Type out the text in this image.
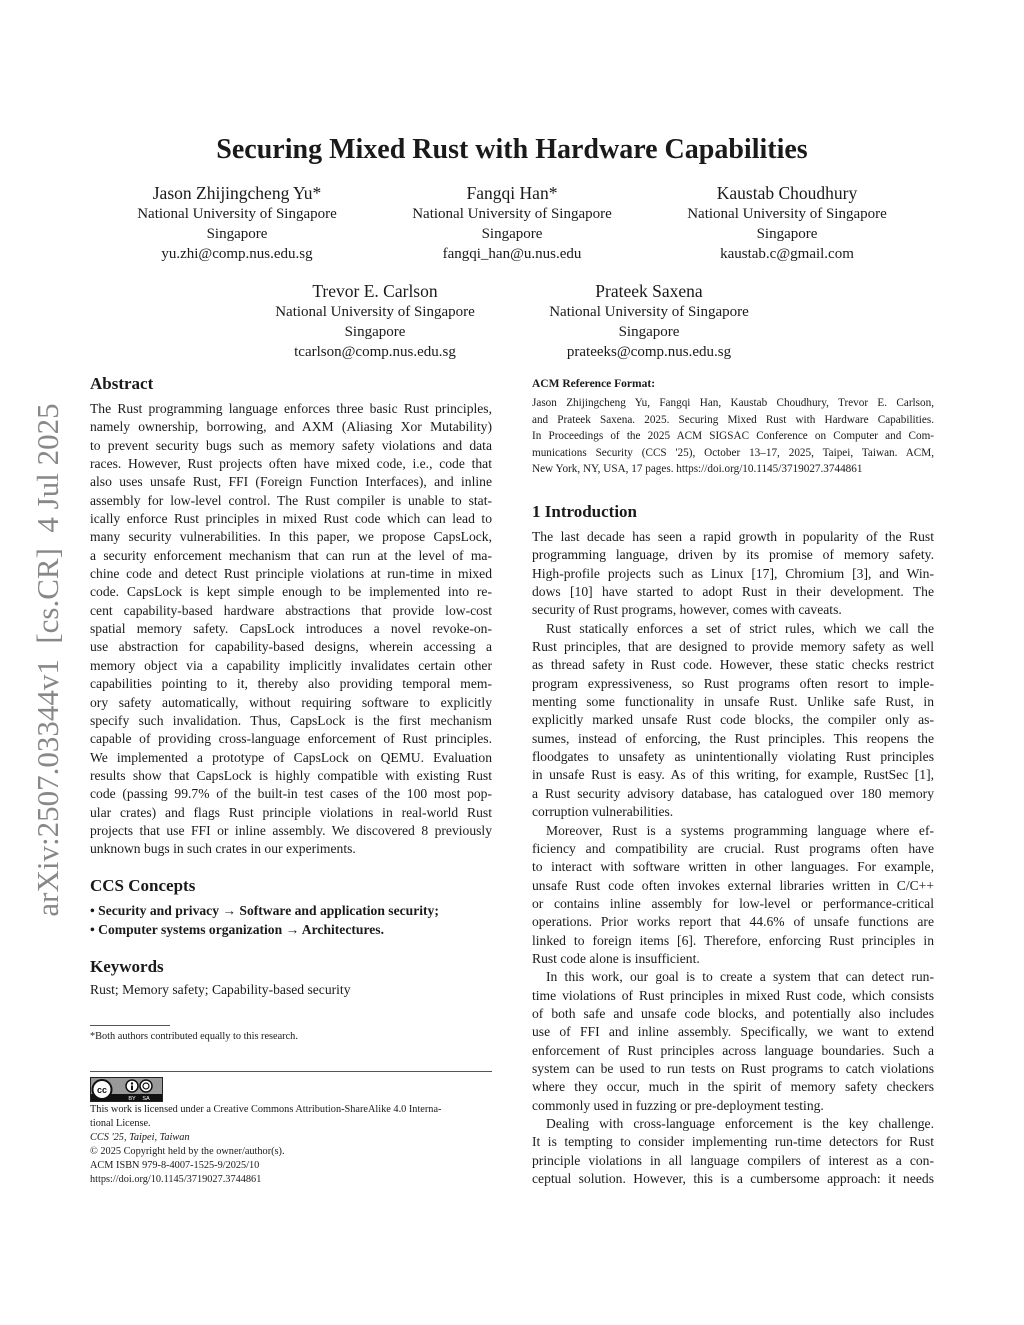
arXiv:2507.03344v1  [cs.CR]  4 Jul 2025
Securing Mixed Rust with Hardware Capabilities
Jason Zhijingcheng Yu*
National University of Singapore
Singapore
yu.zhi@comp.nus.edu.sg
Fangqi Han*
National University of Singapore
Singapore
fangqi_han@u.nus.edu
Kaustab Choudhury
National University of Singapore
Singapore
kaustab.c@gmail.com
Trevor E. Carlson
National University of Singapore
Singapore
tcarlson@comp.nus.edu.sg
Prateek Saxena
National University of Singapore
Singapore
prateeks@comp.nus.edu.sg
Abstract
The Rust programming language enforces three basic Rust principles,
namely ownership, borrowing, and AXM (Aliasing Xor Mutability)
to prevent security bugs such as memory safety violations and data
races. However, Rust projects often have mixed code, i.e., code that
also uses unsafe Rust, FFI (Foreign Function Interfaces), and inline
assembly for low-level control. The Rust compiler is unable to stat-
ically enforce Rust principles in mixed Rust code which can lead to
many security vulnerabilities. In this paper, we propose CapsLock,
a security enforcement mechanism that can run at the level of ma-
chine code and detect Rust principle violations at run-time in mixed
code. CapsLock is kept simple enough to be implemented into re-
cent capability-based hardware abstractions that provide low-cost
spatial memory safety. CapsLock introduces a novel revoke-on-
use abstraction for capability-based designs, wherein accessing a
memory object via a capability implicitly invalidates certain other
capabilities pointing to it, thereby also providing temporal mem-
ory safety automatically, without requiring software to explicitly
specify such invalidation. Thus, CapsLock is the first mechanism
capable of providing cross-language enforcement of Rust principles.
We implemented a prototype of CapsLock on QEMU. Evaluation
results show that CapsLock is highly compatible with existing Rust
code (passing 99.7% of the built-in test cases of the 100 most pop-
ular crates) and flags Rust principle violations in real-world Rust
projects that use FFI or inline assembly. We discovered 8 previously
unknown bugs in such crates in our experiments.
CCS Concepts
• Security and privacy → Software and application security;
• Computer systems organization → Architectures.
Keywords
Rust; Memory safety; Capability-based security
*Both authors contributed equally to this research.
cc
BY SA
This work is licensed under a Creative Commons Attribution-ShareAlike 4.0 Interna-
tional License.
CCS '25, Taipei, Taiwan
© 2025 Copyright held by the owner/author(s).
ACM ISBN 979-8-4007-1525-9/2025/10
https://doi.org/10.1145/3719027.3744861
ACM Reference Format:
Jason Zhijingcheng Yu, Fangqi Han, Kaustab Choudhury, Trevor E. Carlson,
and Prateek Saxena. 2025. Securing Mixed Rust with Hardware Capabilities.
In Proceedings of the 2025 ACM SIGSAC Conference on Computer and Com-
munications Security (CCS '25), October 13–17, 2025, Taipei, Taiwan. ACM,
New York, NY, USA, 17 pages. https://doi.org/10.1145/3719027.3744861
1 Introduction
The last decade has seen a rapid growth in popularity of the Rust
programming language, driven by its promise of memory safety.
High-profile projects such as Linux [17], Chromium [3], and Win-
dows [10] have started to adopt Rust in their development. The
security of Rust programs, however, comes with caveats.
Rust statically enforces a set of strict rules, which we call the
Rust principles, that are designed to provide memory safety as well
as thread safety in Rust code. However, these static checks restrict
program expressiveness, so Rust programs often resort to imple-
menting some functionality in unsafe Rust. Unlike safe Rust, in
explicitly marked unsafe Rust code blocks, the compiler only as-
sumes, instead of enforcing, the Rust principles. This reopens the
floodgates to unsafety as unintentionally violating Rust principles
in unsafe Rust is easy. As of this writing, for example, RustSec [1],
a Rust security advisory database, has catalogued over 180 memory
corruption vulnerabilities.
Moreover, Rust is a systems programming language where ef-
ficiency and compatibility are crucial. Rust programs often have
to interact with software written in other languages. For example,
unsafe Rust code often invokes external libraries written in C/C++
or contains inline assembly for low-level or performance-critical
operations. Prior works report that 44.6% of unsafe functions are
linked to foreign items [6]. Therefore, enforcing Rust principles in
Rust code alone is insufficient.
In this work, our goal is to create a system that can detect run-
time violations of Rust principles in mixed Rust code, which consists
of both safe and unsafe code blocks, and potentially also includes
use of FFI and inline assembly. Specifically, we want to extend
enforcement of Rust principles across language boundaries. Such a
system can be used to run tests on Rust programs to catch violations
where they occur, much in the spirit of memory safety checkers
commonly used in fuzzing or pre-deployment testing.
Dealing with cross-language enforcement is the key challenge.
It is tempting to consider implementing run-time detectors for Rust
principle violations in all language compilers of interest as a con-
ceptual solution. However, this is a cumbersome approach: it needs
